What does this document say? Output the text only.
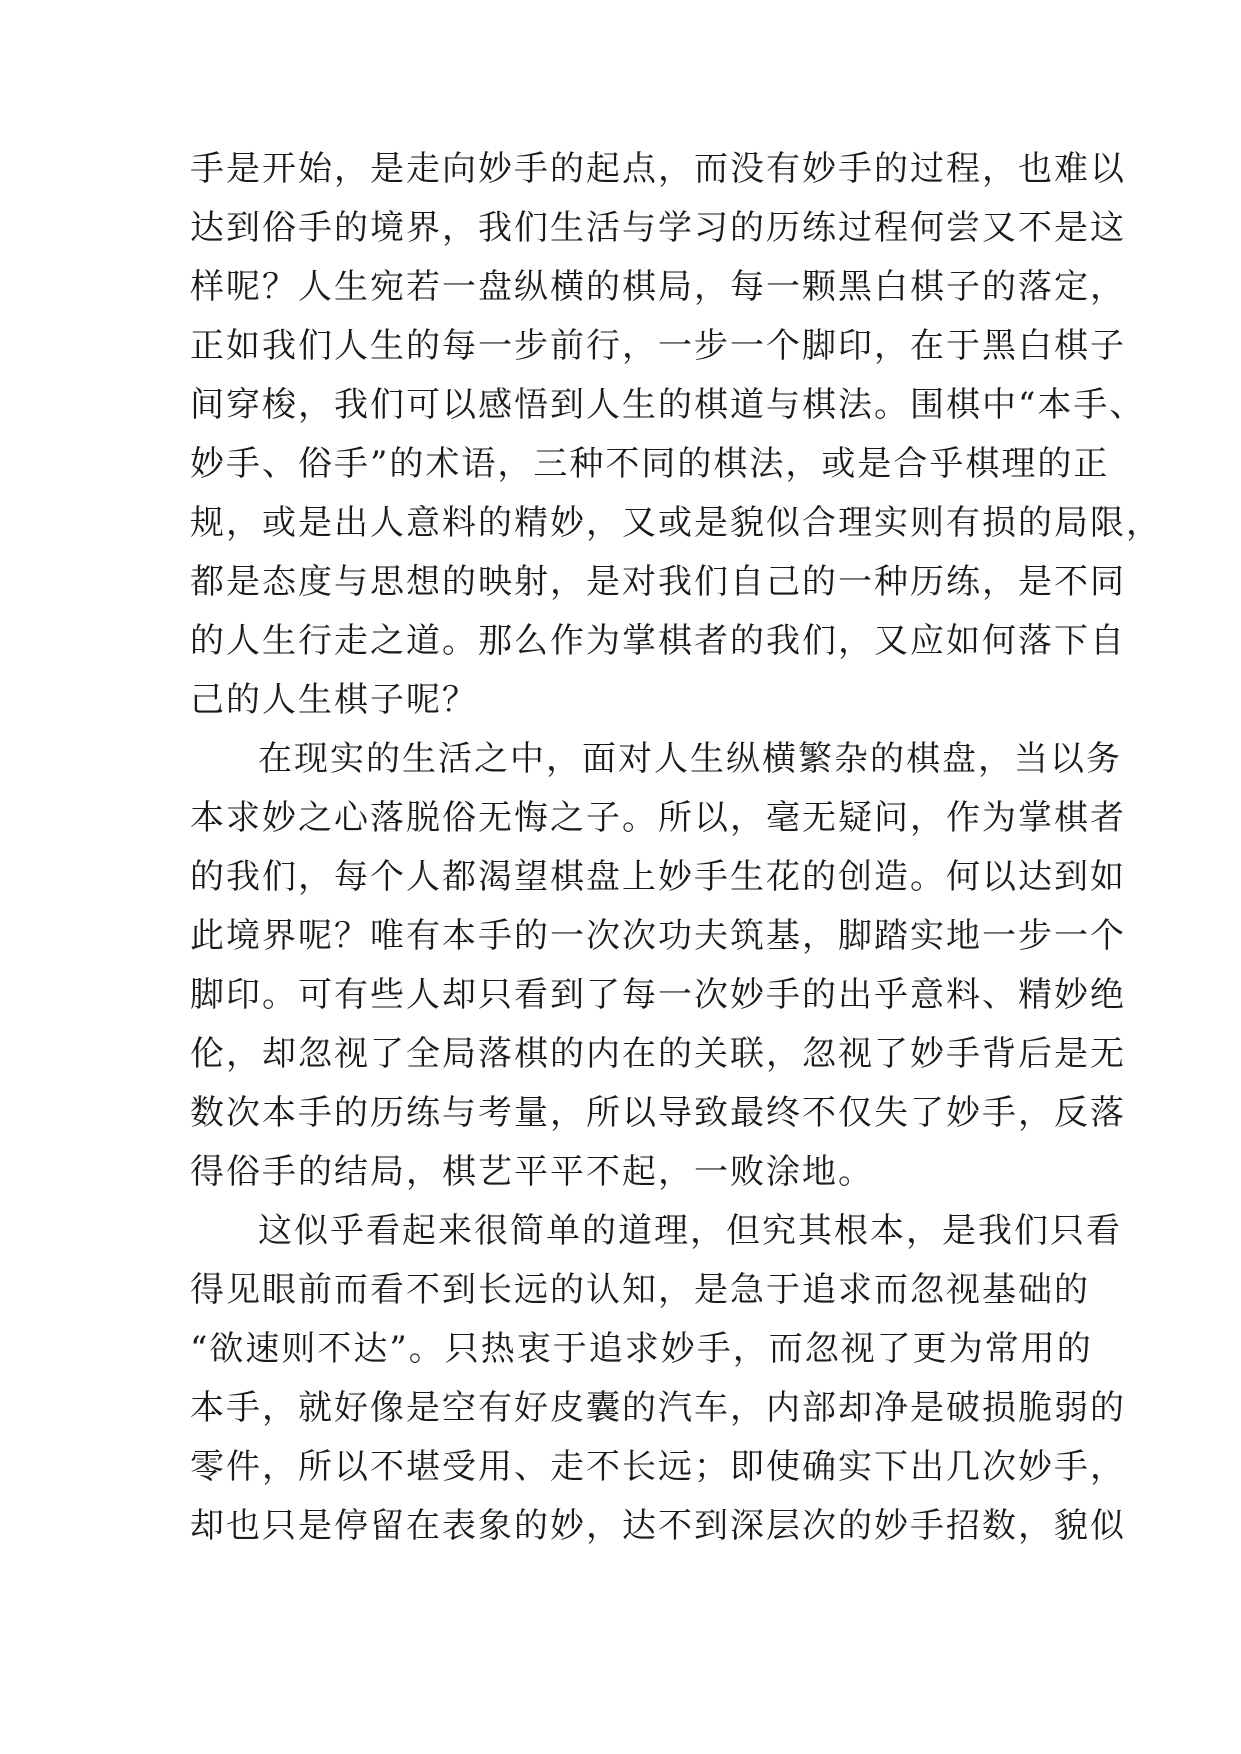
手是开始，是走向妙手的起点，而没有妙手的过程，也难以
达到俗手的境界，我们生活与学习的历练过程何尝又不是这
样呢？人生宛若一盘纵横的棋局，每一颗黑白棋子的落定，
正如我们人生的每一步前行，一步一个脚印，在于黑白棋子
间穿梭，我们可以感悟到人生的棋道与棋法。围棋中“本手、
妙手、俗手”的术语，三种不同的棋法，或是合乎棋理的正
规，或是出人意料的精妙，又或是貌似合理实则有损的局限，
都是态度与思想的映射，是对我们自己的一种历练，是不同
的人生行走之道。那么作为掌棋者的我们，又应如何落下自
己的人生棋子呢？
在现实的生活之中，面对人生纵横繁杂的棋盘，当以务
本求妙之心落脱俗无悔之子。所以，毫无疑问，作为掌棋者
的我们，每个人都渴望棋盘上妙手生花的创造。何以达到如
此境界呢？唯有本手的一次次功夫筑基，脚踏实地一步一个
脚印。可有些人却只看到了每一次妙手的出乎意料、精妙绝
伦，却忽视了全局落棋的内在的关联，忽视了妙手背后是无
数次本手的历练与考量，所以导致最终不仅失了妙手，反落
得俗手的结局，棋艺平平不起，一败涂地。
这似乎看起来很简单的道理，但究其根本，是我们只看
得见眼前而看不到长远的认知，是急于追求而忽视基础的
“欲速则不达”。只热衷于追求妙手，而忽视了更为常用的
本手，就好像是空有好皮囊的汽车，内部却净是破损脆弱的
零件，所以不堪受用、走不长远；即使确实下出几次妙手，
却也只是停留在表象的妙，达不到深层次的妙手招数，貌似
